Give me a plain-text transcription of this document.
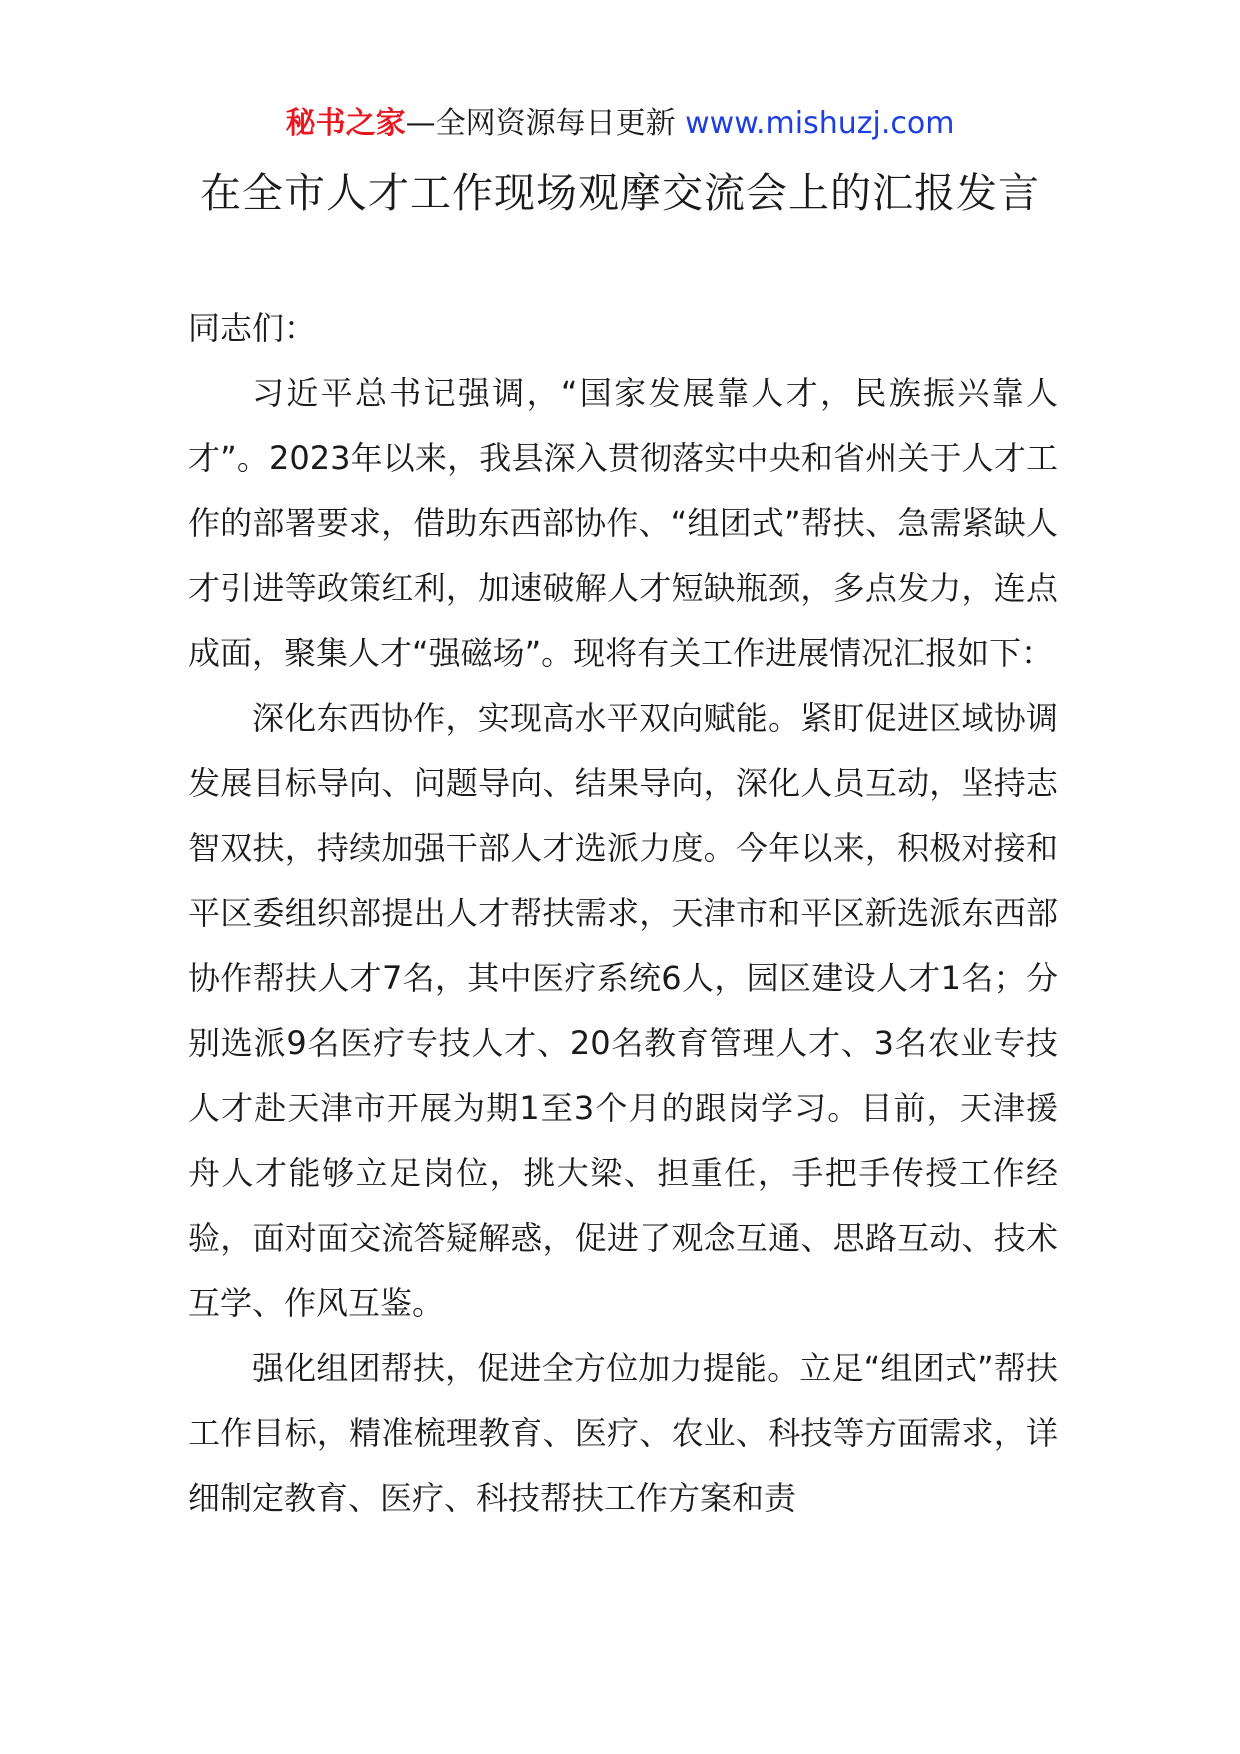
秘书之家—全网资源每日更新 www.mishuzj.com
在全市人才工作现场观摩交流会上的汇报发言

同志们：

习近平总书记强调，“国家发展靠人才，民族振兴靠人才”。2023年以来，我县深入贯彻落实中央和省州关于人才工作的部署要求，借助东西部协作、“组团式”帮扶、急需紧缺人才引进等政策红利，加速破解人才短缺瓶颈，多点发力，连点成面，聚集人才“强磁场”。现将有关工作进展情况汇报如下：

深化东西协作，实现高水平双向赋能。紧盯促进区域协调发展目标导向、问题导向、结果导向，深化人员互动，坚持志智双扶，持续加强干部人才选派力度。今年以来，积极对接和平区委组织部提出人才帮扶需求，天津市和平区新选派东西部协作帮扶人才7名，其中医疗系统6人，园区建设人才1名；分别选派9名医疗专技人才、20名教育管理人才、3名农业专技人才赴天津市开展为期1至3个月的跟岗学习。目前，天津援舟人才能够立足岗位，挑大梁、担重任，手把手传授工作经验，面对面交流答疑解惑，促进了观念互通、思路互动、技术互学、作风互鉴。

强化组团帮扶，促进全方位加力提能。立足“组团式”帮扶工作目标，精准梳理教育、医疗、农业、科技等方面需求，详细制定教育、医疗、科技帮扶工作方案和责
